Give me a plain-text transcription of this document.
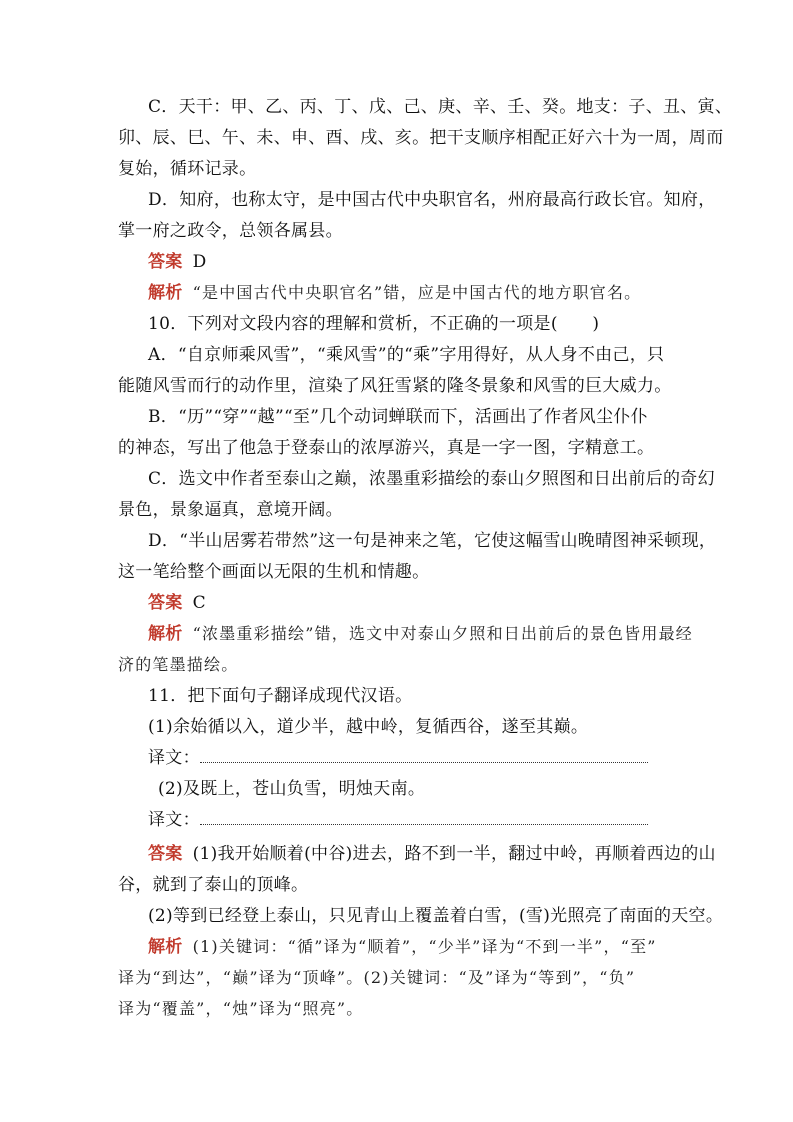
C．天干：甲、乙、丙、丁、戊、己、庚、辛、壬、癸。地支：子、丑、寅、
卯、辰、巳、午、未、申、酉、戌、亥。把干支顺序相配正好六十为一周，周而
复始，循环记录。
D．知府，也称太守，是中国古代中央职官名，州府最高行政长官。知府，
掌一府之政令，总领各属县。
答案 D
解析 “是中国古代中央职官名”错，应是中国古代的地方职官名。
10．下列对文段内容的理解和赏析，不正确的一项是(　　)
A．“自京师乘风雪”，“乘风雪”的“乘”字用得好，从人身不由己，只
能随风雪而行的动作里，渲染了风狂雪紧的隆冬景象和风雪的巨大威力。
B．“历”“穿”“越”“至”几个动词蝉联而下，活画出了作者风尘仆仆
的神态，写出了他急于登泰山的浓厚游兴，真是一字一图，字精意工。
C．选文中作者至泰山之巅，浓墨重彩描绘的泰山夕照图和日出前后的奇幻
景色，景象逼真，意境开阔。
D．“半山居雾若带然”这一句是神来之笔，它使这幅雪山晚晴图神采顿现，
这一笔给整个画面以无限的生机和情趣。
答案 C
解析 “浓墨重彩描绘”错，选文中对泰山夕照和日出前后的景色皆用最经
济的笔墨描绘。
11．把下面句子翻译成现代汉语。
(1)余始循以入，道少半，越中岭，复循西谷，遂至其巅。
译文：
(2)及既上，苍山负雪，明烛天南。
译文：
答案 (1)我开始顺着(中谷)进去，路不到一半，翻过中岭，再顺着西边的山
谷，就到了泰山的顶峰。
(2)等到已经登上泰山，只见青山上覆盖着白雪，(雪)光照亮了南面的天空。
解析 (1)关键词：“循”译为“顺着”，“少半”译为“不到一半”，“至”
译为“到达”，“巅”译为“顶峰”。(2)关键词：“及”译为“等到”，“负”
译为“覆盖”，“烛”译为“照亮”。
